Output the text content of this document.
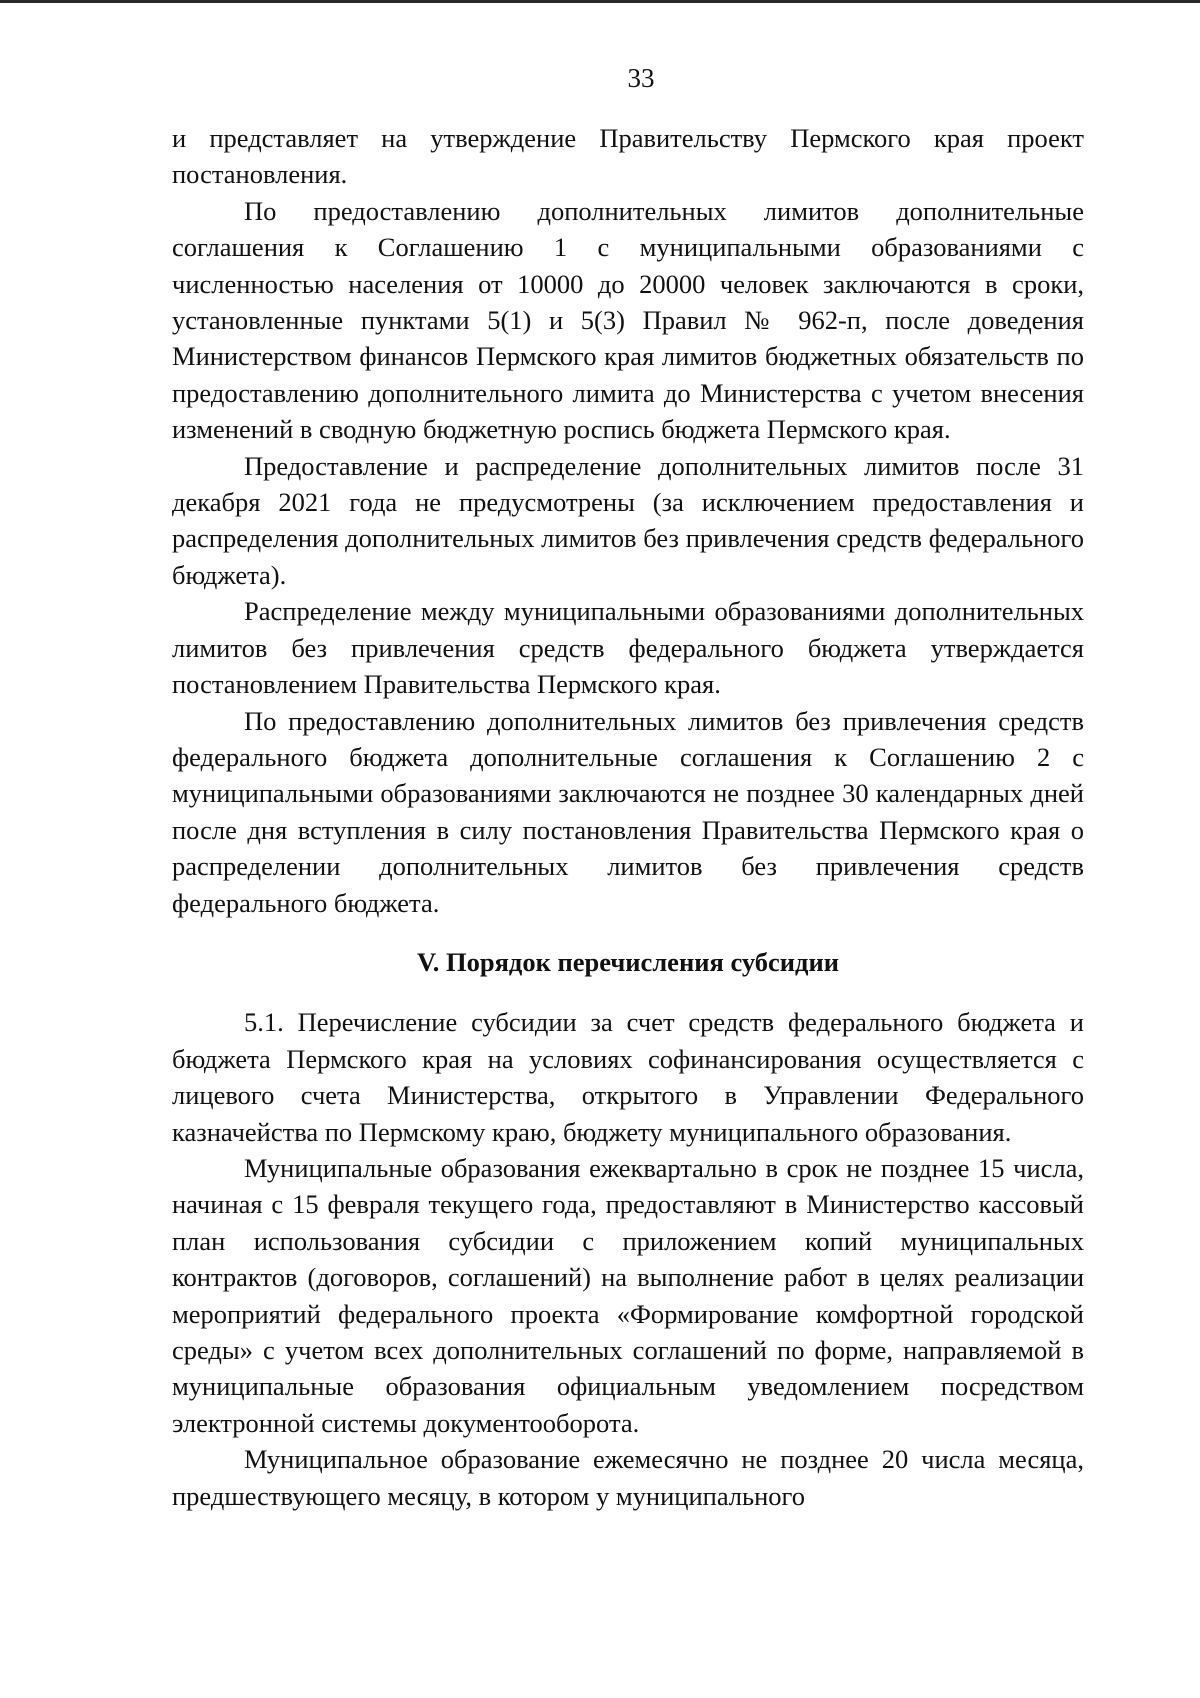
33

и представляет на утверждение Правительству Пермского края проект постановления.

По предоставлению дополнительных лимитов дополнительные соглашения к Соглашению 1 с муниципальными образованиями с численностью населения от 10000 до 20000 человек заключаются в сроки, установленные пунктами 5(1) и 5(3) Правил № 962-п, после доведения Министерством финансов Пермского края лимитов бюджетных обязательств по предоставлению дополнительного лимита до Министерства с учетом внесения изменений в сводную бюджетную роспись бюджета Пермского края.

Предоставление и распределение дополнительных лимитов после 31 декабря 2021 года не предусмотрены (за исключением предоставления и распределения дополнительных лимитов без привлечения средств федерального бюджета).

Распределение между муниципальными образованиями дополнительных лимитов без привлечения средств федерального бюджета утверждается постановлением Правительства Пермского края.

По предоставлению дополнительных лимитов без привлечения средств федерального бюджета дополнительные соглашения к Соглашению 2 с муниципальными образованиями заключаются не позднее 30 календарных дней после дня вступления в силу постановления Правительства Пермского края о распределении дополнительных лимитов без привлечения средств федерального бюджета.

V. Порядок перечисления субсидии

5.1. Перечисление субсидии за счет средств федерального бюджета и бюджета Пермского края на условиях софинансирования осуществляется с лицевого счета Министерства, открытого в Управлении Федерального казначейства по Пермскому краю, бюджету муниципального образования.

Муниципальные образования ежеквартально в срок не позднее 15 числа, начиная с 15 февраля текущего года, предоставляют в Министерство кассовый план использования субсидии с приложением копий муниципальных контрактов (договоров, соглашений) на выполнение работ в целях реализации мероприятий федерального проекта «Формирование комфортной городской среды» с учетом всех дополнительных соглашений по форме, направляемой в муниципальные образования официальным уведомлением посредством электронной системы документооборота.

Муниципальное образование ежемесячно не позднее 20 числа месяца, предшествующего месяцу, в котором у муниципального
